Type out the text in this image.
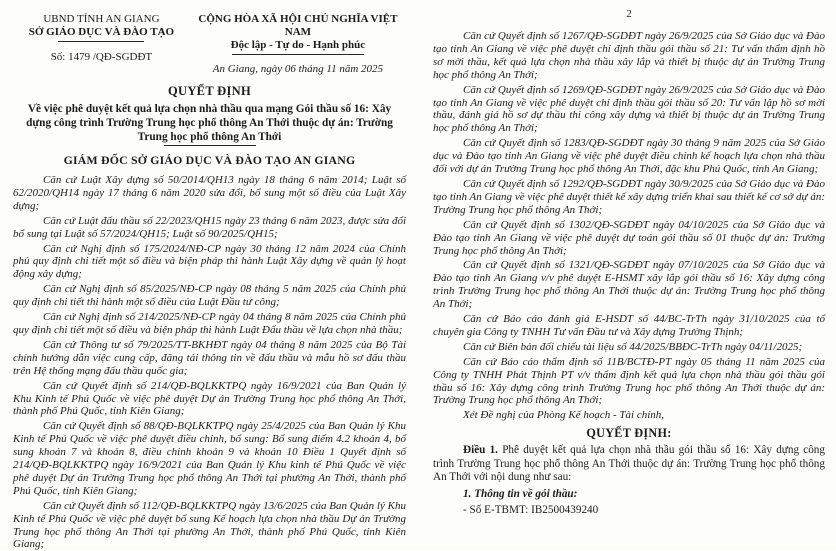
UBND TỈNH AN GIANG
SỞ GIÁO DỤC VÀ ĐÀO TẠO
Số: 1479 /QĐ-SGDĐT
CỘNG HÒA XÃ HỘI CHỦ NGHĨA VIỆT NAM
Độc lập - Tự do - Hạnh phúc
An Giang, ngày 06 tháng 11 năm 2025
QUYẾT ĐỊNH
Về việc phê duyệt kết quả lựa chọn nhà thầu qua mạng Gói thầu số 16: Xây dựng công trình Trường Trung học phổ thông An Thới thuộc dự án: Trường Trung học phổ thông An Thới
GIÁM ĐỐC SỞ GIÁO DỤC VÀ ĐÀO TẠO AN GIANG

Căn cứ Luật Xây dựng số 50/2014/QH13 ngày 18 tháng 6 năm 2014; Luật số 62/2020/QH14 ngày 17 tháng 6 năm 2020 sửa đổi, bổ sung một số điều của Luật Xây dựng;

Căn cứ Luật đấu thầu số 22/2023/QH15 ngày 23 tháng 6 năm 2023, được sửa đổi bổ sung tại Luật số 57/2024/QH15; Luật số 90/2025/QH15;

Căn cứ Nghị định số 175/2024/NĐ-CP ngày 30 tháng 12 năm 2024 của Chính phủ quy định chi tiết một số điều và biện pháp thi hành Luật Xây dựng về quản lý hoạt động xây dựng;

Căn cứ Nghị định số 85/2025/NĐ-CP ngày 08 tháng 5 năm 2025 của Chính phủ quy định chi tiết thi hành một số điều của Luật Đầu tư công;

Căn cứ Nghị định số 214/2025/NĐ-CP ngày 04 tháng 8 năm 2025 của Chính phủ quy định chi tiết một số điều và biện pháp thi hành Luật Đấu thầu về lựa chọn nhà thầu;

Căn cứ Thông tư số 79/2025/TT-BKHĐT ngày 04 tháng 8 năm 2025 của Bộ Tài chính hướng dẫn việc cung cấp, đăng tải thông tin về đấu thầu và mẫu hồ sơ đấu thầu trên Hệ thống mạng đấu thầu quốc gia;

Căn cứ Quyết định số 214/QĐ-BQLKKTPQ ngày 16/9/2021 của Ban Quản lý Khu Kinh tế Phú Quốc về việc phê duyệt Dự án Trường Trung học phổ thông An Thới, thành phố Phú Quốc, tỉnh Kiên Giang;

Căn cứ Quyết định số 88/QĐ-BQLKKTPQ ngày 25/4/2025 của Ban Quản lý Khu Kinh tế Phú Quốc về việc phê duyệt điều chỉnh, bổ sung: Bổ sung điểm 4.2 khoản 4, bổ sung khoản 7 và khoản 8, điều chỉnh khoản 9 và khoản 10 Điều 1 Quyết định số 214/QĐ-BQLKKTPQ ngày 16/9/2021 của Ban Quản lý Khu kinh tế Phú Quốc về việc phê duyệt Dự án Trường Trung học phổ thông An Thới tại phường An Thới, thành phố Phú Quốc, tỉnh Kiên Giang;

Căn cứ Quyết định số 112/QĐ-BQLKKTPQ ngày 13/6/2025 của Ban Quản lý Khu Kinh tế Phú Quốc về việc phê duyệt bổ sung Kế hoạch lựa chọn nhà thầu Dự án Trường Trung học phổ thông An Thới tại phường An Thới, thành phố Phú Quốc, tỉnh Kiên Giang;

2

Căn cứ Quyết định số 1267/QĐ-SGDĐT ngày 26/9/2025 của Sở Giáo dục và Đào tạo tỉnh An Giang về việc phê duyệt chỉ định thầu gói thầu số 21: Tư vấn thẩm định hồ sơ mời thầu, kết quả lựa chọn nhà thầu xây lắp và thiết bị thuộc dự án Trường Trung học phổ thông An Thới;

Căn cứ Quyết định số 1269/QĐ-SGDĐT ngày 26/9/2025 của Sở Giáo dục và Đào tạo tỉnh An Giang về việc phê duyệt chỉ định thầu gói thầu số 20: Tư vấn lập hồ sơ mời thầu, đánh giá hồ sơ dự thầu thi công xây dựng và thiết bị thuộc dự án Trường Trung học phổ thông An Thới;

Căn cứ Quyết định số 1283/QĐ-SGDĐT ngày 30 tháng 9 năm 2025 của Sở Giáo dục và Đào tạo tỉnh An Giang về việc phê duyệt điều chỉnh kế hoạch lựa chọn nhà thầu đối với dự án Trường Trung học phổ thông An Thới, đặc khu Phú Quốc, tỉnh An Giang;

Căn cứ Quyết định số 1292/QĐ-SGDĐT ngày 30/9/2025 của Sở Giáo dục và Đào tạo tỉnh An Giang về việc phê duyệt thiết kế xây dựng triển khai sau thiết kế cơ sở dự án: Trường Trung học phổ thông An Thới;

Căn cứ Quyết định số 1302/QĐ-SGDĐT ngày 04/10/2025 của Sở Giáo dục và Đào tạo tỉnh An Giang về việc phê duyệt dự toán gói thầu số 01 thuộc dự án: Trường Trung học phổ thông An Thới;

Căn cứ Quyết định số 1321/QĐ-SGDĐT ngày 07/10/2025 của Sở Giáo dục và Đào tạo tỉnh An Giang v/v phê duyệt E-HSMT xây lắp gói thầu số 16: Xây dựng công trình Trường Trung học phổ thông An Thới thuộc dự án: Trường Trung học phổ thông An Thới;

Căn cứ Báo cáo đánh giá E-HSDT số 44/BC-TrTh ngày 31/10/2025 của tổ chuyên gia Công ty TNHH Tư vấn Đầu tư và Xây dựng Trường Thịnh;

Căn cứ Biên bản đối chiếu tài liệu số 44/2025/BBĐC-TrTh ngày 04/11/2025;

Căn cứ Báo cáo thẩm định số 11B/BCTĐ-PT ngày 05 tháng 11 năm 2025 của Công ty TNHH Phát Thịnh PT v/v thẩm định kết quả lựa chọn nhà thầu gói thầu gói thầu số 16: Xây dựng công trình Trường Trung học phổ thông An Thới thuộc dự án: Trường Trung học phổ thông An Thới;

Xét Đề nghị của Phòng Kế hoạch - Tài chính,

QUYẾT ĐỊNH:

Điều 1. Phê duyệt kết quả lựa chọn nhà thầu gói thầu số 16: Xây dựng công trình Trường Trung học phổ thông An Thới thuộc dự án: Trường Trung học phổ thông An Thới với nội dung như sau:

1. Thông tin về gói thầu:
- Số E-TBMT: IB2500439240
